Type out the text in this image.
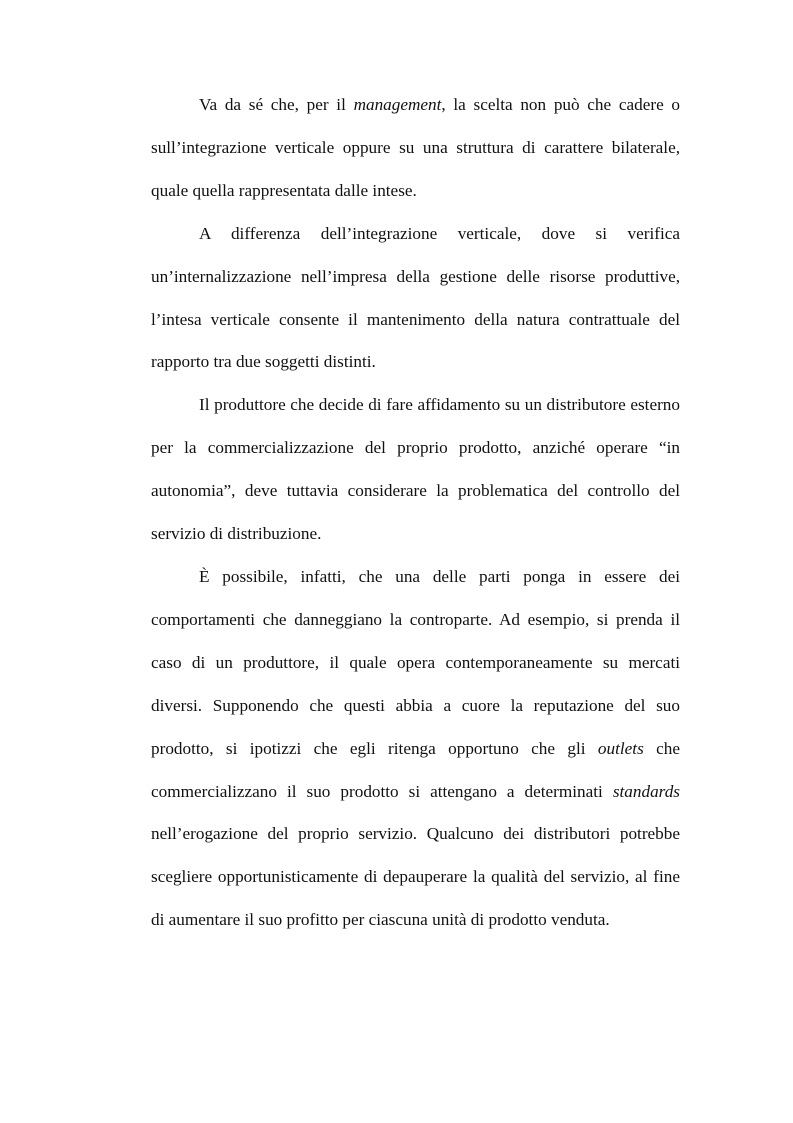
Va da sé che, per il management, la scelta non può che cadere o sull’integrazione verticale oppure su una struttura di carattere bilaterale, quale quella rappresentata dalle intese.

A differenza dell’integrazione verticale, dove si verifica un’internalizzazione nell’impresa della gestione delle risorse produttive, l’intesa verticale consente il mantenimento della natura contrattuale del rapporto tra due soggetti distinti.

Il produttore che decide di fare affidamento su un distributore esterno per la commercializzazione del proprio prodotto, anziché operare “in autonomia”, deve tuttavia considerare la problematica del controllo del servizio di distribuzione.

È possibile, infatti, che una delle parti ponga in essere dei comportamenti che danneggiano la controparte. Ad esempio, si prenda il caso di un produttore, il quale opera contemporaneamente su mercati diversi. Supponendo che questi abbia a cuore la reputazione del suo prodotto, si ipotizzi che egli ritenga opportuno che gli outlets che commercializzano il suo prodotto si attengano a determinati standards nell’erogazione del proprio servizio. Qualcuno dei distributori potrebbe scegliere opportunisticamente di depauperare la qualità del servizio, al fine di aumentare il suo profitto per ciascuna unità di prodotto venduta.
